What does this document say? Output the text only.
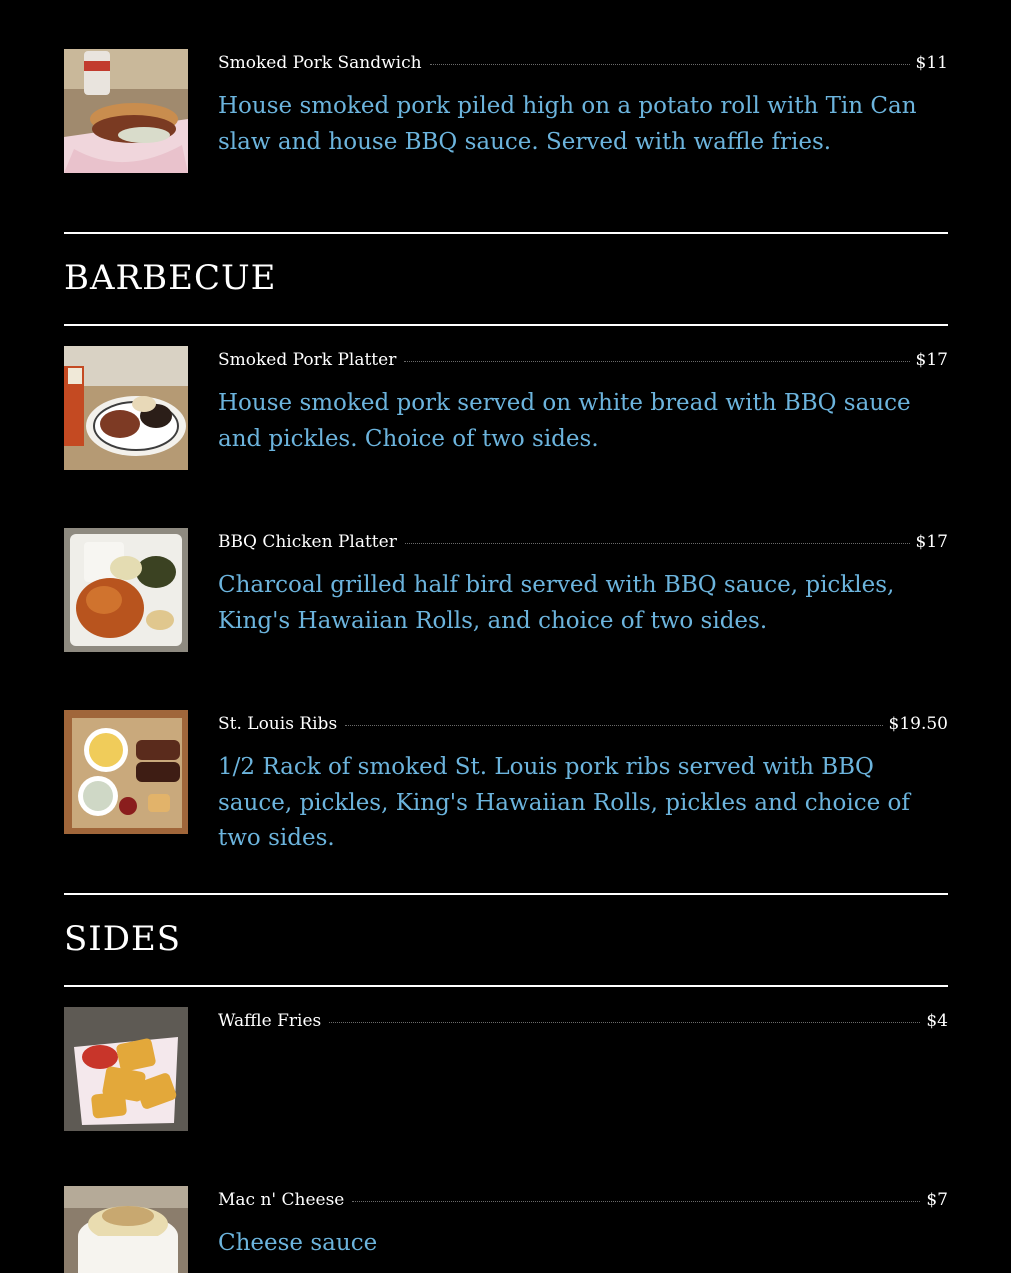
Smoked Pork Sandwich	$11
House smoked pork piled high on a potato roll with Tin Can slaw and house BBQ sauce. Served with waffle fries.
BARBECUE
Smoked Pork Platter	$17
House smoked pork served on white bread with BBQ sauce and pickles. Choice of two sides.
BBQ Chicken Platter	$17
Charcoal grilled half bird served with BBQ sauce, pickles, King's Hawaiian Rolls, and choice of two sides.
St. Louis Ribs	$19.50
1/2 Rack of smoked St. Louis pork ribs served with BBQ sauce, pickles, King's Hawaiian Rolls, pickles and choice of two sides.
SIDES
Waffle Fries	$4
Mac n' Cheese	$7
Cheese sauce
